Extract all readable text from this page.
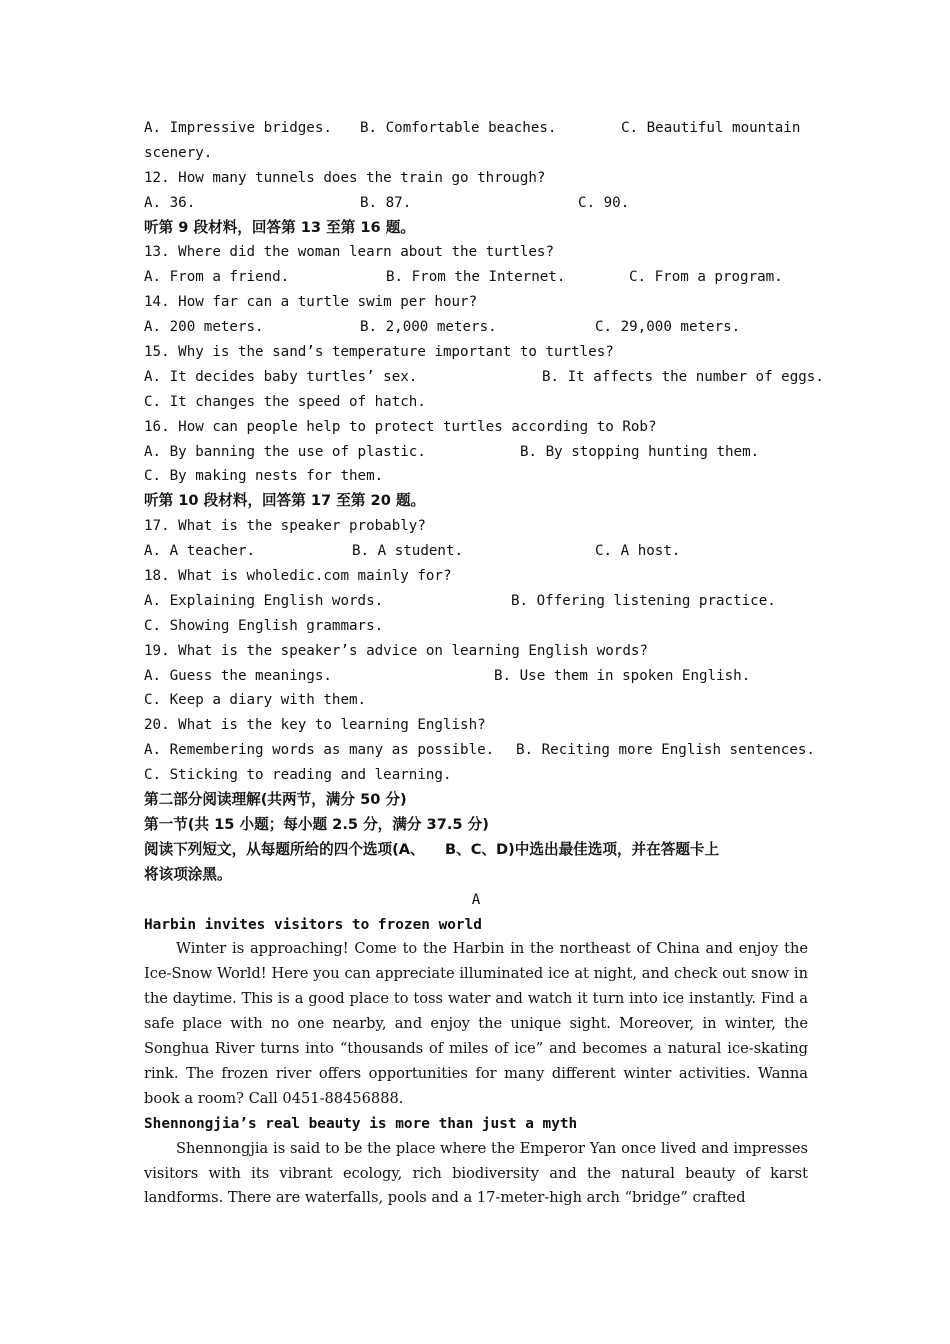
A. Impressive bridges.

B. Comfortable beaches.

	C. Beautiful mountain

scenery.
12. How many tunnels does the train go through?

A. 36.

	B. 87.

	C. 90.

听第 9 段材料，回答第 13 至第 16 题。
13. Where did the woman learn about the turtles?

A. From a friend.

	B. From the Internet.

	C. From a program.

14. How far can a turtle swim per hour?

A. 200 meters.

	B. 2,000 meters.

	C. 29,000 meters.

15. Why is the sand’s temperature important to turtles?

A. It decides baby turtles’ sex.

	B. It affects the number of eggs.

C. It changes the speed of hatch.
16. How can people help to protect turtles according to Rob?

A. By banning the use of plastic.

	B. By stopping hunting them.

C. By making nests for them.
听第 10 段材料，回答第 17 至第 20 题。
17. What is the speaker probably?

A. A teacher.

	B. A student.

	C. A host.

18. What is wholedic.com mainly for?

A. Explaining English words.

	B. Offering listening practice.

C. Showing English grammars.
19. What is the speaker’s advice on learning English words?

A. Guess the meanings.

	B. Use them in spoken English.

C. Keep a diary with them.
20. What is the key to learning English?

A. Remembering words as many as possible.

B. Reciting more English sentences.

C. Sticking to reading and learning.
第二部分阅读理解(共两节，满分 50 分)
第一节(共 15 小题；每小题 2.5 分，满分 37.5 分)
阅读下列短文，从每题所给的四个选项(A、    B、C、D)中选出最佳选项，并在答题卡上
将该项涂黑。
A
Harbin invites visitors to frozen world

Winter is approaching! Come to the Harbin in the northeast of China and enjoy the Ice-Snow World! Here you can appreciate illuminated ice at night, and check out snow in the daytime. This is a good place to toss water and watch it turn into ice instantly. Find a safe place with no one nearby, and enjoy the unique sight. Moreover, in winter, the Songhua River turns into “thousands of miles of ice” and becomes a natural ice-skating rink. The frozen river offers opportunities for many different winter activities. Wanna book a room? Call 0451-88456888.

Shennongjia’s real beauty is more than just a myth

Shennongjia is said to be the place where the Emperor Yan once lived and impresses visitors with its vibrant ecology, rich biodiversity and the natural beauty of karst landforms. There are waterfalls, pools and a 17-meter-high arch “bridge” crafted
